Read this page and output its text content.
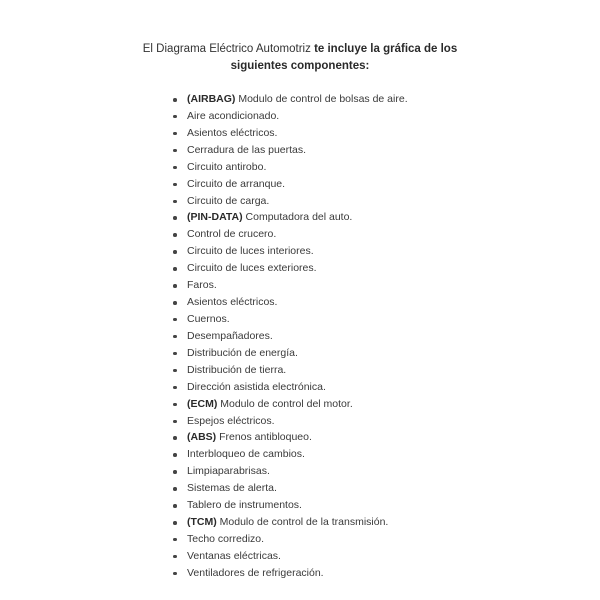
El Diagrama Eléctrico Automotriz te incluye la gráfica de los siguientes componentes:
(AIRBAG) Modulo de control de bolsas de aire.
Aire acondicionado.
Asientos eléctricos.
Cerradura de las puertas.
Circuito antirobo.
Circuito de arranque.
Circuito de carga.
(PIN-DATA) Computadora del auto.
Control de crucero.
Circuito de luces interiores.
Circuito de luces exteriores.
Faros.
Asientos eléctricos.
Cuernos.
Desempañadores.
Distribución de energía.
Distribución de tierra.
Dirección asistida electrónica.
(ECM) Modulo de control del motor.
Espejos eléctricos.
(ABS) Frenos antibloqueo.
Interbloqueo de cambios.
Limpiaparabrisas.
Sistemas de alerta.
Tablero de instrumentos.
(TCM) Modulo de control de la transmisión.
Techo corredizo.
Ventanas eléctricas.
Ventiladores de refrigeración.
